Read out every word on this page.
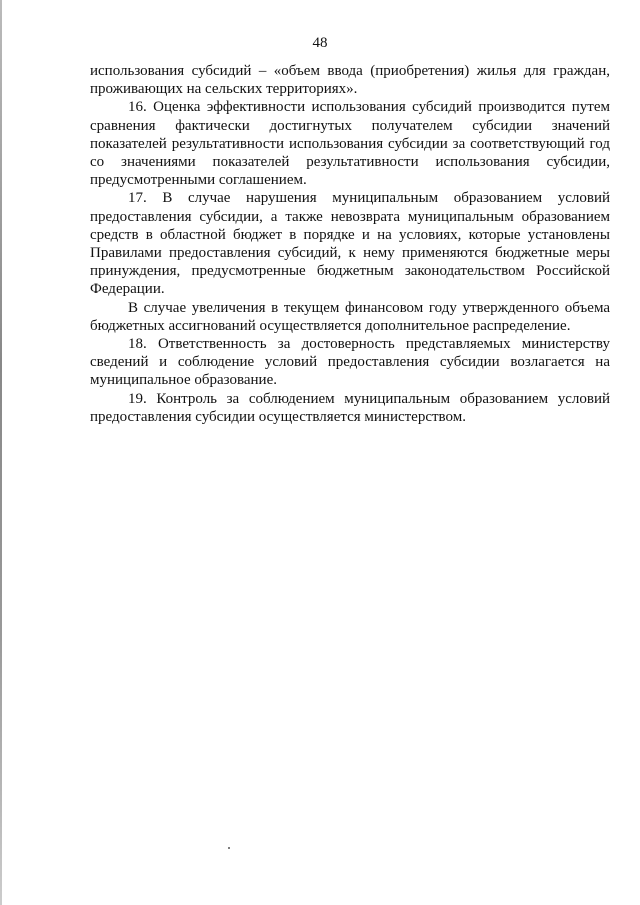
48

использования субсидий – «объем ввода (приобретения) жилья для граждан, проживающих на сельских территориях».

16. Оценка эффективности использования субсидий производится путем сравнения фактически достигнутых получателем субсидии значений показателей результативности использования субсидии за соответствующий год со значениями показателей результативности использования субсидии, предусмотренными соглашением.

17. В случае нарушения муниципальным образованием условий предоставления субсидии, а также невозврата муниципальным образованием средств в областной бюджет в порядке и на условиях, которые установлены Правилами предоставления субсидий, к нему применяются бюджетные меры принуждения, предусмотренные бюджетным законодательством Российской Федерации.

В случае увеличения в текущем финансовом году утвержденного объема бюджетных ассигнований осуществляется дополнительное распределение.

18. Ответственность за достоверность представляемых министерству сведений и соблюдение условий предоставления субсидии возлагается на муниципальное образование.

19. Контроль за соблюдением муниципальным образованием условий предоставления субсидии осуществляется министерством.
